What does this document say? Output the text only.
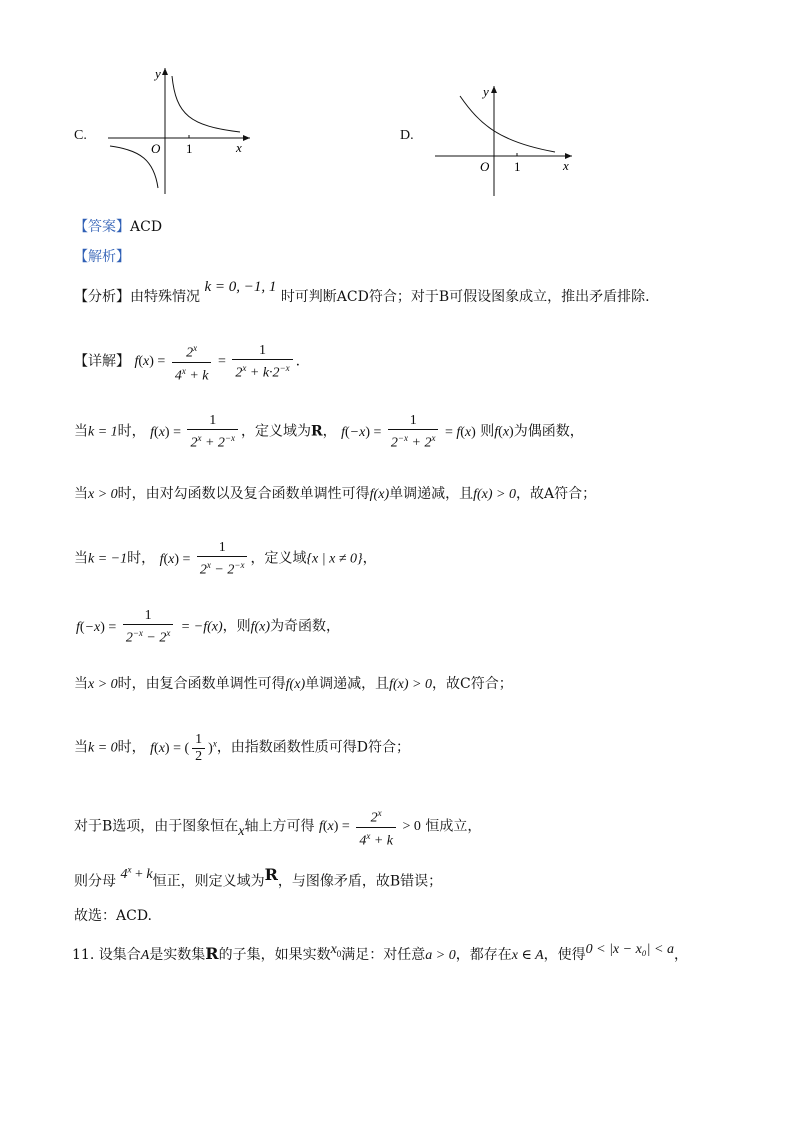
C.
y
x
O 1
D.
y
x
O 1
【答案】ACD
【解析】
【分析】由特殊情况 k = 0, −1, 1 时可判断ACD符合；对于B可假设图象成立，推出矛盾排除.
【详解】 $f(x) = \frac{2^x}{4^x + k} = \frac{1}{2^x + k\cdot 2^{-x}}$ .
当k = 1时， $f(x) = \frac{1}{2^x + 2^{-x}}$ ，定义域为R， $f(-x) = \frac{1}{2^{-x} + 2^x} = f(x)$ 则f(x)为偶函数，
当x > 0时，由对勾函数以及复合函数单调性可得f(x)单调递减，且f(x) > 0，故A符合；
当k = −1时， $f(x) = \frac{1}{2^x - 2^{-x}}$ ，定义域{x | x ≠ 0}，
$f(-x) = \frac{1}{2^{-x} - 2^x} = -f(x)$，则f(x)为奇函数，
当x > 0时，由复合函数单调性可得f(x)单调递减，且f(x) > 0，故C符合；
当k = 0时， f(x) = ( $\frac{1}{2} )^x$，由指数函数性质可得D符合；
对于B选项，由于图象恒在x轴上方可得 $f(x) = \frac{2^x}{4^x + k} > 0$ 恒成立，
则分母 $4^x + k$恒正，则定义域为R，与图像矛盾，故B错误；
故选：ACD.
11. 设集合A是实数集R的子集，如果实数$x_0$满足：对任意a > 0，都存在x ∈ A，使得0 < |x − x₀| < a，
